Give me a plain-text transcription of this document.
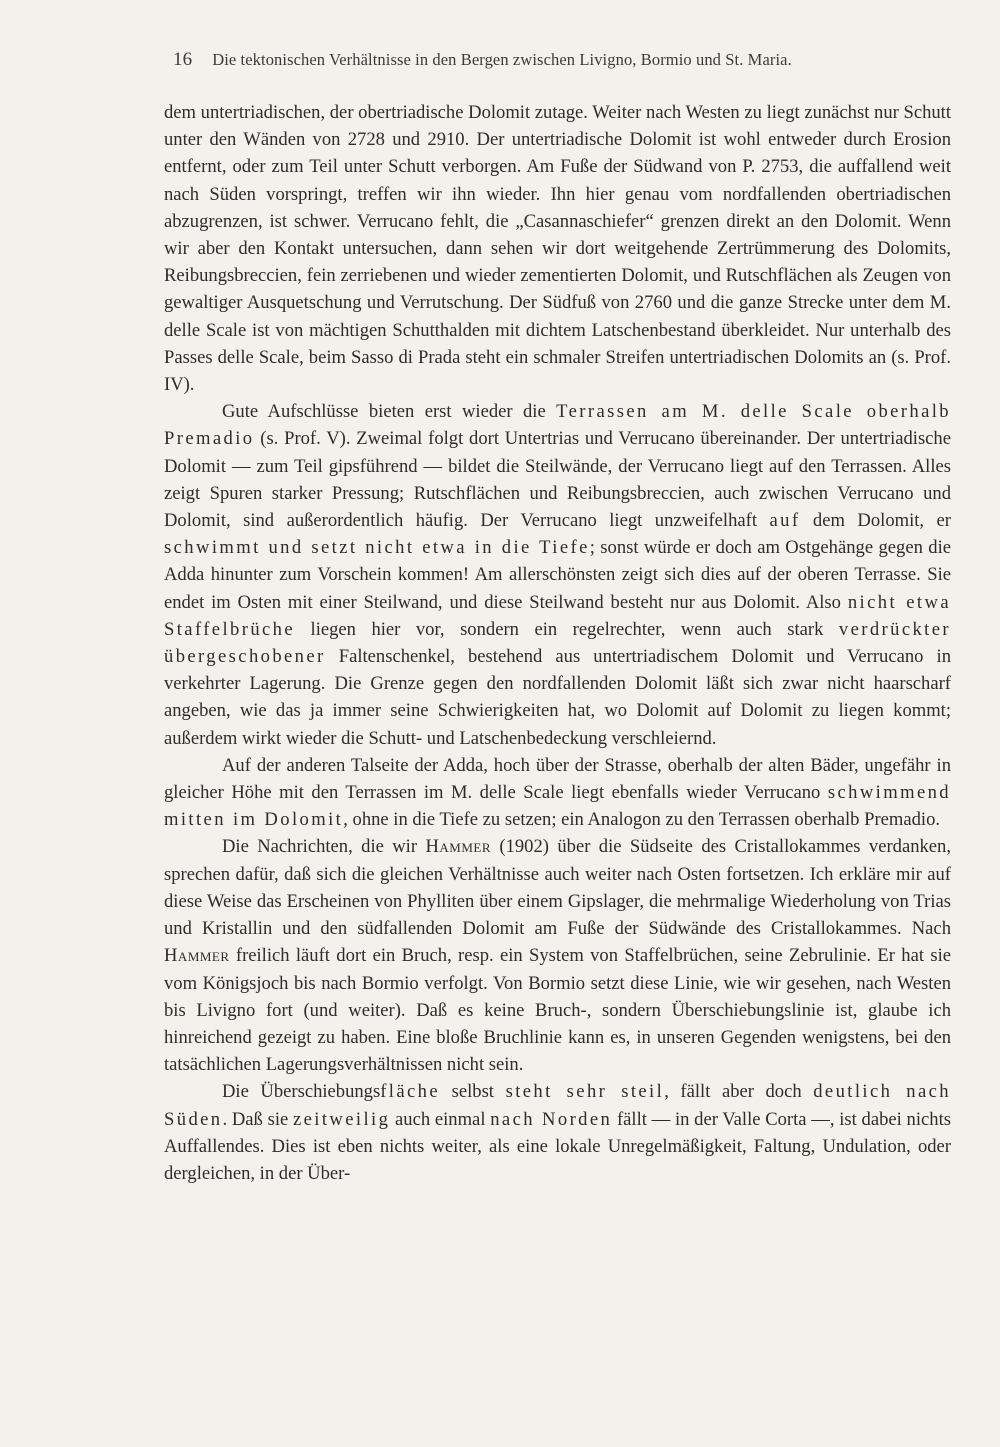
16 Die tektonischen Verhältnisse in den Bergen zwischen Livigno, Bormio und St. Maria.

dem untertriadischen, der obertriadische Dolomit zutage. Weiter nach Westen zu liegt zunächst nur Schutt unter den Wänden von 2728 und 2910. Der untertriadische Dolomit ist wohl entweder durch Erosion entfernt, oder zum Teil unter Schutt verborgen. Am Fuße der Südwand von P. 2753, die auffallend weit nach Süden vorspringt, treffen wir ihn wieder. Ihn hier genau vom nordfallenden obertriadischen abzugrenzen, ist schwer. Verrucano fehlt, die „Casannaschiefer“ grenzen direkt an den Dolomit. Wenn wir aber den Kontakt untersuchen, dann sehen wir dort weitgehende Zertrümmerung des Dolomits, Reibungsbreccien, fein zerriebenen und wieder zementierten Dolomit, und Rutschflächen als Zeugen von gewaltiger Ausquetschung und Verrutschung. Der Südfuß von 2760 und die ganze Strecke unter dem M. delle Scale ist von mächtigen Schutthalden mit dichtem Latschenbestand überkleidet. Nur unterhalb des Passes delle Scale, beim Sasso di Prada steht ein schmaler Streifen untertriadischen Dolomits an (s. Prof. IV).

Gute Aufschlüsse bieten erst wieder die Terrassen am M. delle Scale oberhalb Premadio (s. Prof. V). Zweimal folgt dort Untertrias und Verrucano übereinander. Der untertriadische Dolomit — zum Teil gipsführend — bildet die Steilwände, der Verrucano liegt auf den Terrassen. Alles zeigt Spuren starker Pressung; Rutschflächen und Reibungsbreccien, auch zwischen Verrucano und Dolomit, sind außerordentlich häufig. Der Verrucano liegt unzweifelhaft auf dem Dolomit, er schwimmt und setzt nicht etwa in die Tiefe; sonst würde er doch am Ostgehänge gegen die Adda hinunter zum Vorschein kommen! Am allerschönsten zeigt sich dies auf der oberen Terrasse. Sie endet im Osten mit einer Steilwand, und diese Steilwand besteht nur aus Dolomit. Also nicht etwa Staffelbrüche liegen hier vor, sondern ein regelrechter, wenn auch stark verdrückter übergeschobener Faltenschenkel, bestehend aus untertriadischem Dolomit und Verrucano in verkehrter Lagerung. Die Grenze gegen den nordfallenden Dolomit läßt sich zwar nicht haarscharf angeben, wie das ja immer seine Schwierigkeiten hat, wo Dolomit auf Dolomit zu liegen kommt; außerdem wirkt wieder die Schutt- und Latschenbedeckung verschleiernd.

Auf der anderen Talseite der Adda, hoch über der Strasse, oberhalb der alten Bäder, ungefähr in gleicher Höhe mit den Terrassen im M. delle Scale liegt ebenfalls wieder Verrucano schwimmend mitten im Dolomit, ohne in die Tiefe zu setzen; ein Analogon zu den Terrassen oberhalb Premadio.

Die Nachrichten, die wir Hammer (1902) über die Südseite des Cristallokammes verdanken, sprechen dafür, daß sich die gleichen Verhältnisse auch weiter nach Osten fortsetzen. Ich erkläre mir auf diese Weise das Erscheinen von Phylliten über einem Gipslager, die mehrmalige Wiederholung von Trias und Kristallin und den südfallenden Dolomit am Fuße der Südwände des Cristallokammes. Nach Hammer freilich läuft dort ein Bruch, resp. ein System von Staffelbrüchen, seine Zebrulinie. Er hat sie vom Königsjoch bis nach Bormio verfolgt. Von Bormio setzt diese Linie, wie wir gesehen, nach Westen bis Livigno fort (und weiter). Daß es keine Bruch-, sondern Überschiebungslinie ist, glaube ich hinreichend gezeigt zu haben. Eine bloße Bruchlinie kann es, in unseren Gegenden wenigstens, bei den tatsächlichen Lagerungsverhältnissen nicht sein.

Die Überschiebungsfläche selbst steht sehr steil, fällt aber doch deutlich nach Süden. Daß sie zeitweilig auch einmal nach Norden fällt — in der Valle Corta —, ist dabei nichts Auffallendes. Dies ist eben nichts weiter, als eine lokale Unregelmäßigkeit, Faltung, Undulation, oder dergleichen, in der Über-
